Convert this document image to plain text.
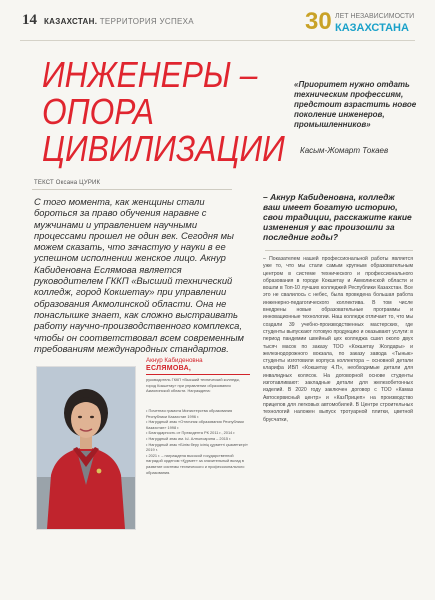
14 КАЗАХСТАН. ТЕРРИТОРИЯ УСПЕХА	30 ЛЕТ НЕЗАВИСИМОСТИ
КАЗАХСТАНА
ИНЖЕНЕРЫ –
ОПОРА
ЦИВИЛИЗАЦИИ

«Приоритет нужно отдать техническим профессиям, предстоит взрастить новое поколение инженеров, промышленников»

Касым-Жомарт Токаев
ТЕКСТ Оксана ЦУРИК

С того момента, как женщины стали бороться за право обучения наравне с мужчинами и управлением научными процессами прошел не один век. Сегодня мы можем сказать, что зачастую у науки в ее успешном исполнении женское лицо. Акнур Кабиденовна Еслямова является руководителем ГККП «Высший технический колледж, город Кокшетау» при управлении образования Акмолинской области. Она не понаслышке знает, как сложно выстраивать работу научно-производственного комплекса, чтобы он соответствовал всем современным требованиям международных стандартов.

– Акнур Кабиденовна, колледж ваш имеет богатую историю, свои традиции, расскажите какие изменения у вас произошли за последние годы?

– Показателем нашей профессиональной работы является уже то, что мы стали самым крупным образовательным центром в системе технического и профессионального образования в городе Кокшетау и Акмолинской области и вошли в Топ-10 лучших колледжей Республики Казахстан. Все это не свалилось с небес, была проведена большая работа инженерно-педагогического коллектива. В том числе внедрены новые образовательные программы и инновационные технологии. Наш колледж отличает то, что мы создали 39 учебно-производственных мастерских, где студенты выпускают готовую продукцию и оказывают услуги: в период пандемии швейный цех колледжа сшил около двух тысяч масок по заказу ТОО «Кокшетау Жолдары» и железнодорожного вокзала, по заказу завода «Тынык» студенты изготовили корпуса коллектора – основной детали кларифа ИВЛ «Кокшетау 4.П», необходимые детали для инвалидных колясок. На договорной основе студенты изготавливают: закладные детали для железобетонных изделий. В 2020 году заключен договор с ТОО «Камаз Автосервисный центр» и «КазПрицеп» на производство прицепов для легковых автомобилей. В Центре строительных технологий наложен выпуск тротуарной плитки, цветной брусчатки,

Акнур Кабиденовна
ЕСЛЯМОВА,

руководитель ГККП «Высший технический колледж, город Кокшетау» при управлении образования Акмолинской области. Награждена:

• Почетная грамота Министерства образования Республики Казахстан 1996 г.
• Нагрудный знак «Отличник образования Республики Казахстан» 1998 г.
• Благодарность от Президента РК 2011 г., 2014 г.
• Нагрудный знак им. Ы. Алтынсарина – 2015 г.
• Нагрудный знак «Білім беру ісінің құрметті қызметкері» 2019 г.
• 2021 г. – награждена высокой государственной наградой орденом «Құрмет» за значительный вклад в развитие системы технического и профессионального образования.
